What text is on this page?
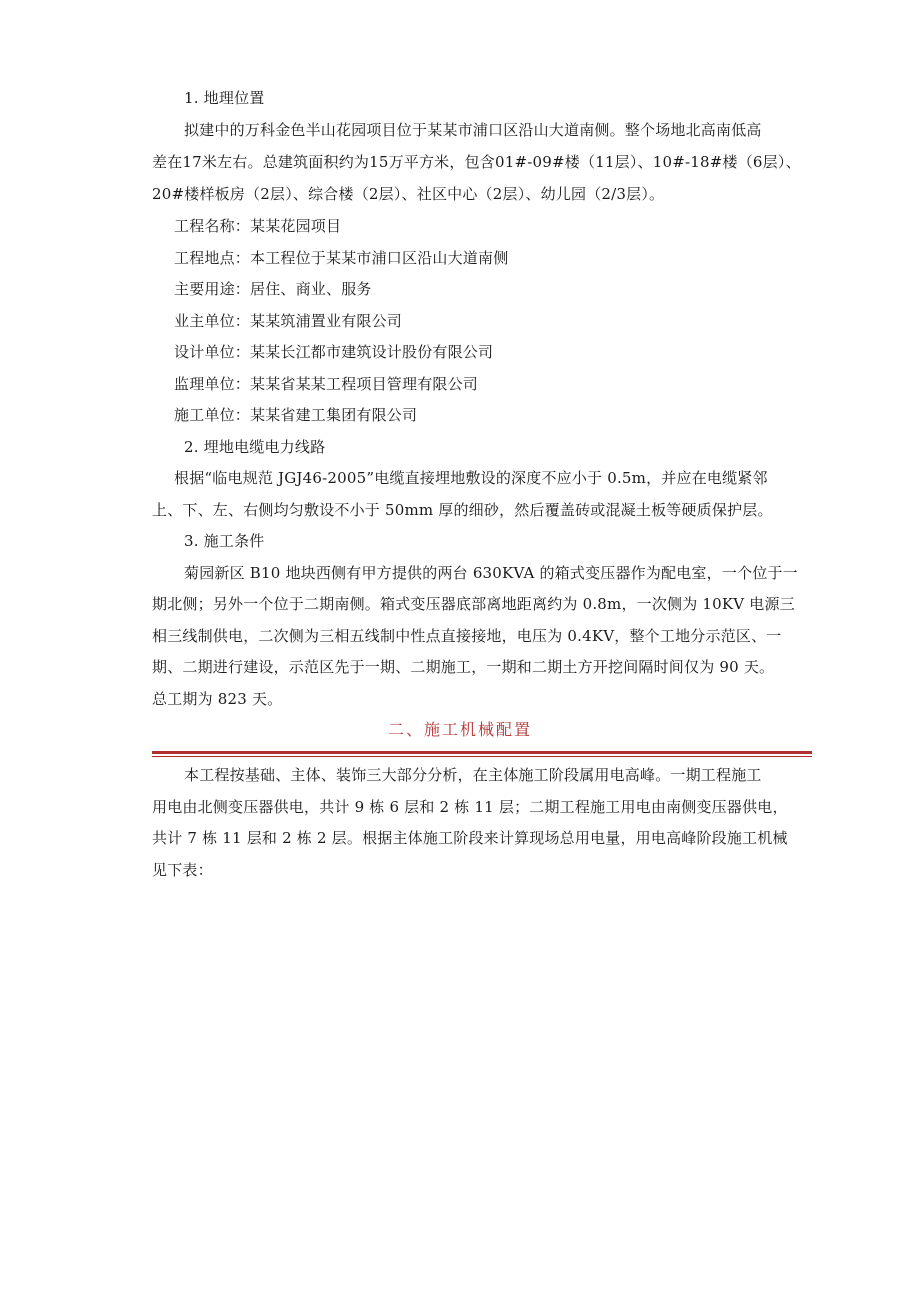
1. 地理位置
拟建中的万科金色半山花园项目位于某某市浦口区沿山大道南侧。整个场地北高南低高
差在17米左右。总建筑面积约为15万平方米，包含01#-09#楼（11层）、10#-18#楼（6层）、
20#楼样板房（2层）、综合楼（2层）、社区中心（2层）、幼儿园（2/3层）。
工程名称：某某花园项目
工程地点：本工程位于某某市浦口区沿山大道南侧
主要用途：居住、商业、服务
业主单位：某某筑浦置业有限公司
设计单位：某某长江都市建筑设计股份有限公司
监理单位：某某省某某工程项目管理有限公司
施工单位：某某省建工集团有限公司
2. 埋地电缆电力线路
根据“临电规范 JGJ46-2005”电缆直接埋地敷设的深度不应小于 0.5m，并应在电缆紧邻
上、下、左、右侧均匀敷设不小于 50mm 厚的细砂，然后覆盖砖或混凝土板等硬质保护层。
3. 施工条件
菊园新区 B10 地块西侧有甲方提供的两台 630KVA 的箱式变压器作为配电室，一个位于一
期北侧；另外一个位于二期南侧。箱式变压器底部离地距离约为 0.8m，一次侧为 10KV 电源三
相三线制供电，二次侧为三相五线制中性点直接接地，电压为 0.4KV，整个工地分示范区、一
期、二期进行建设，示范区先于一期、二期施工，一期和二期土方开挖间隔时间仅为 90 天。
总工期为 823 天。
二、施工机械配置
本工程按基础、主体、装饰三大部分分析，在主体施工阶段属用电高峰。一期工程施工
用电由北侧变压器供电，共计 9 栋 6 层和 2 栋 11 层；二期工程施工用电由南侧变压器供电，
共计 7 栋 11 层和 2 栋 2 层。根据主体施工阶段来计算现场总用电量，用电高峰阶段施工机械
见下表：
